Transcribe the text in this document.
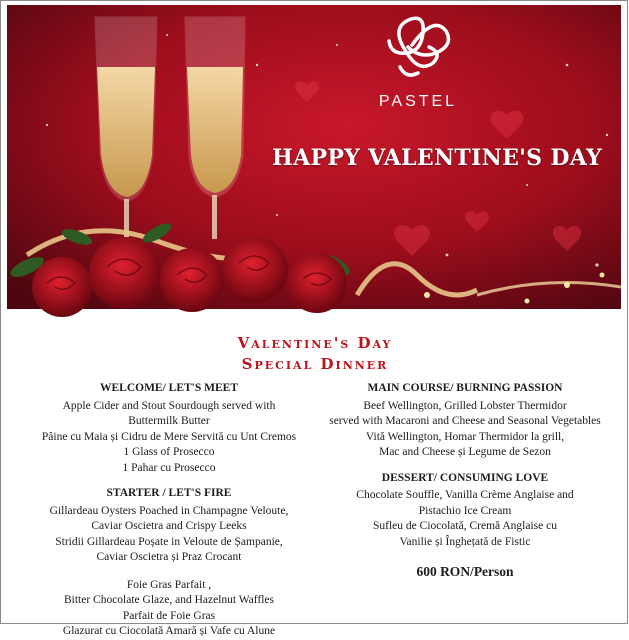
PASTEL
HAPPY VALENTINE'S DAY
Valentine's Day
Special Dinner
WELCOME/ LET'S MEET
Apple Cider and Stout Sourdough served with
Buttermilk Butter
Pâine cu Maia și Cidru de Mere Servită cu Unt Cremos
1 Glass of Prosecco
1 Pahar cu Prosecco
STARTER / LET'S FIRE
Gillardeau Oysters Poached in Champagne Veloute,
Caviar Oscietra and Crispy Leeks
Stridii Gillardeau Poșate in Veloute de Șampanie,
Caviar Oscietra și Praz Crocant
Foie Gras Parfait ,
Bitter Chocolate Glaze, and Hazelnut Waffles
Parfait de Foie Gras
Glazurat cu Ciocolată Amară și Vafe cu Alune
MAIN COURSE/ BURNING PASSION
Beef Wellington, Grilled Lobster Thermidor
served with Macaroni and Cheese and Seasonal Vegetables
Vită Wellington, Homar Thermidor la grill,
Mac and Cheese și Legume de Sezon
DESSERT/ CONSUMING LOVE
Chocolate Souffle, Vanilla Crème Anglaise and
Pistachio Ice Cream
Sufleu de Ciocolată, Cremă Anglaise cu
Vanilie și Înghețată de Fistic
600 RON/Person
